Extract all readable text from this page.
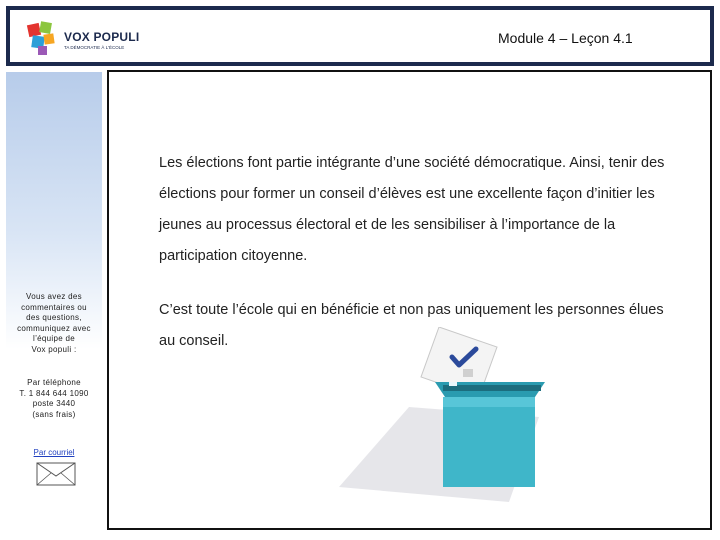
VOX POPULI
TA DÉMOCRATIE À L'ÉCOLE
Module 4 – Leçon 4.1
Vous avez des
commentaires ou
des questions,
communiquez avec
l’équipe de
Vox populi :
Par téléphone
T. 1 844 644 1090
poste 3440
(sans frais)
Par courriel
Les élections font partie intégrante d’une société démocratique. Ainsi, tenir des élections pour former un conseil d’élèves est une excellente façon d’initier les jeunes au processus électoral et de les sensibiliser à l’importance de la participation citoyenne.
C’est toute l’école qui en bénéficie et non pas uniquement les personnes élues au conseil.
